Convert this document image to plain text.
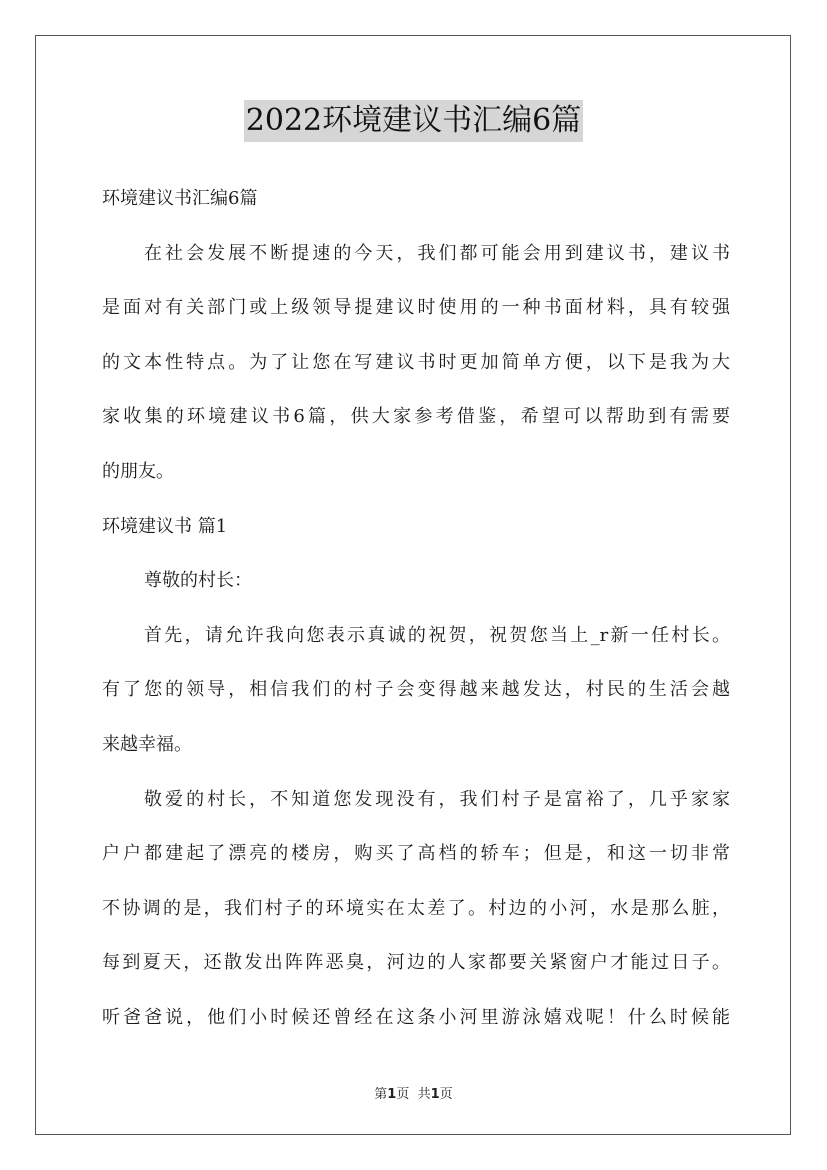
2022环境建议书汇编6篇
环境建议书汇编6篇
在社会发展不断提速的今天，我们都可能会用到建议书，建议书
是面对有关部门或上级领导提建议时使用的一种书面材料，具有较强
的文本性特点。为了让您在写建议书时更加简单方便，以下是我为大
家收集的环境建议书6篇，供大家参考借鉴，希望可以帮助到有需要
的朋友。
环境建议书 篇1
尊敬的村长：
首先，请允许我向您表示真诚的祝贺，祝贺您当上_r新一任村长。
有了您的领导，相信我们的村子会变得越来越发达，村民的生活会越
来越幸福。
敬爱的村长，不知道您发现没有，我们村子是富裕了，几乎家家
户户都建起了漂亮的楼房，购买了高档的轿车；但是，和这一切非常
不协调的是，我们村子的环境实在太差了。村边的小河，水是那么脏，
每到夏天，还散发出阵阵恶臭，河边的人家都要关紧窗户才能过日子。
听爸爸说，他们小时候还曾经在这条小河里游泳嬉戏呢！什么时候能
第1页 共1页
